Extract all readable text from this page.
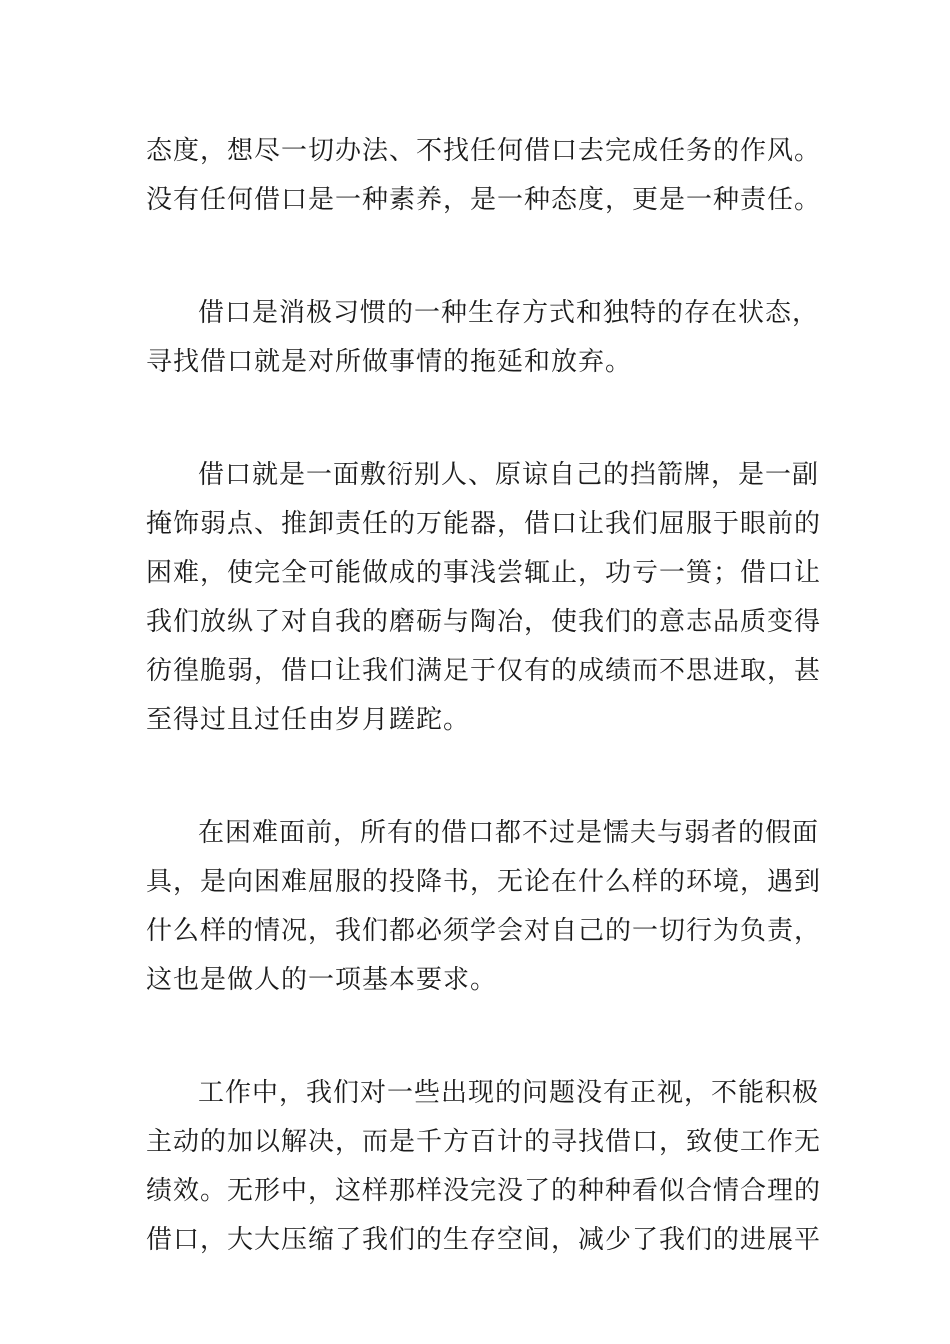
态度，想尽一切办法、不找任何借口去完成任务的作风。
没有任何借口是一种素养，是一种态度，更是一种责任。
借口是消极习惯的一种生存方式和独特的存在状态，
寻找借口就是对所做事情的拖延和放弃。
借口就是一面敷衍别人、原谅自己的挡箭牌，是一副
掩饰弱点、推卸责任的万能器，借口让我们屈服于眼前的
困难，使完全可能做成的事浅尝辄止，功亏一篑；借口让
我们放纵了对自我的磨砺与陶冶，使我们的意志品质变得
彷徨脆弱，借口让我们满足于仅有的成绩而不思进取，甚
至得过且过任由岁月蹉跎。
在困难面前，所有的借口都不过是懦夫与弱者的假面
具，是向困难屈服的投降书，无论在什么样的环境，遇到
什么样的情况，我们都必须学会对自己的一切行为负责，
这也是做人的一项基本要求。
工作中，我们对一些出现的问题没有正视，不能积极
主动的加以解决，而是千方百计的寻找借口，致使工作无
绩效。无形中，这样那样没完没了的种种看似合情合理的
借口，大大压缩了我们的生存空间，减少了我们的进展平
